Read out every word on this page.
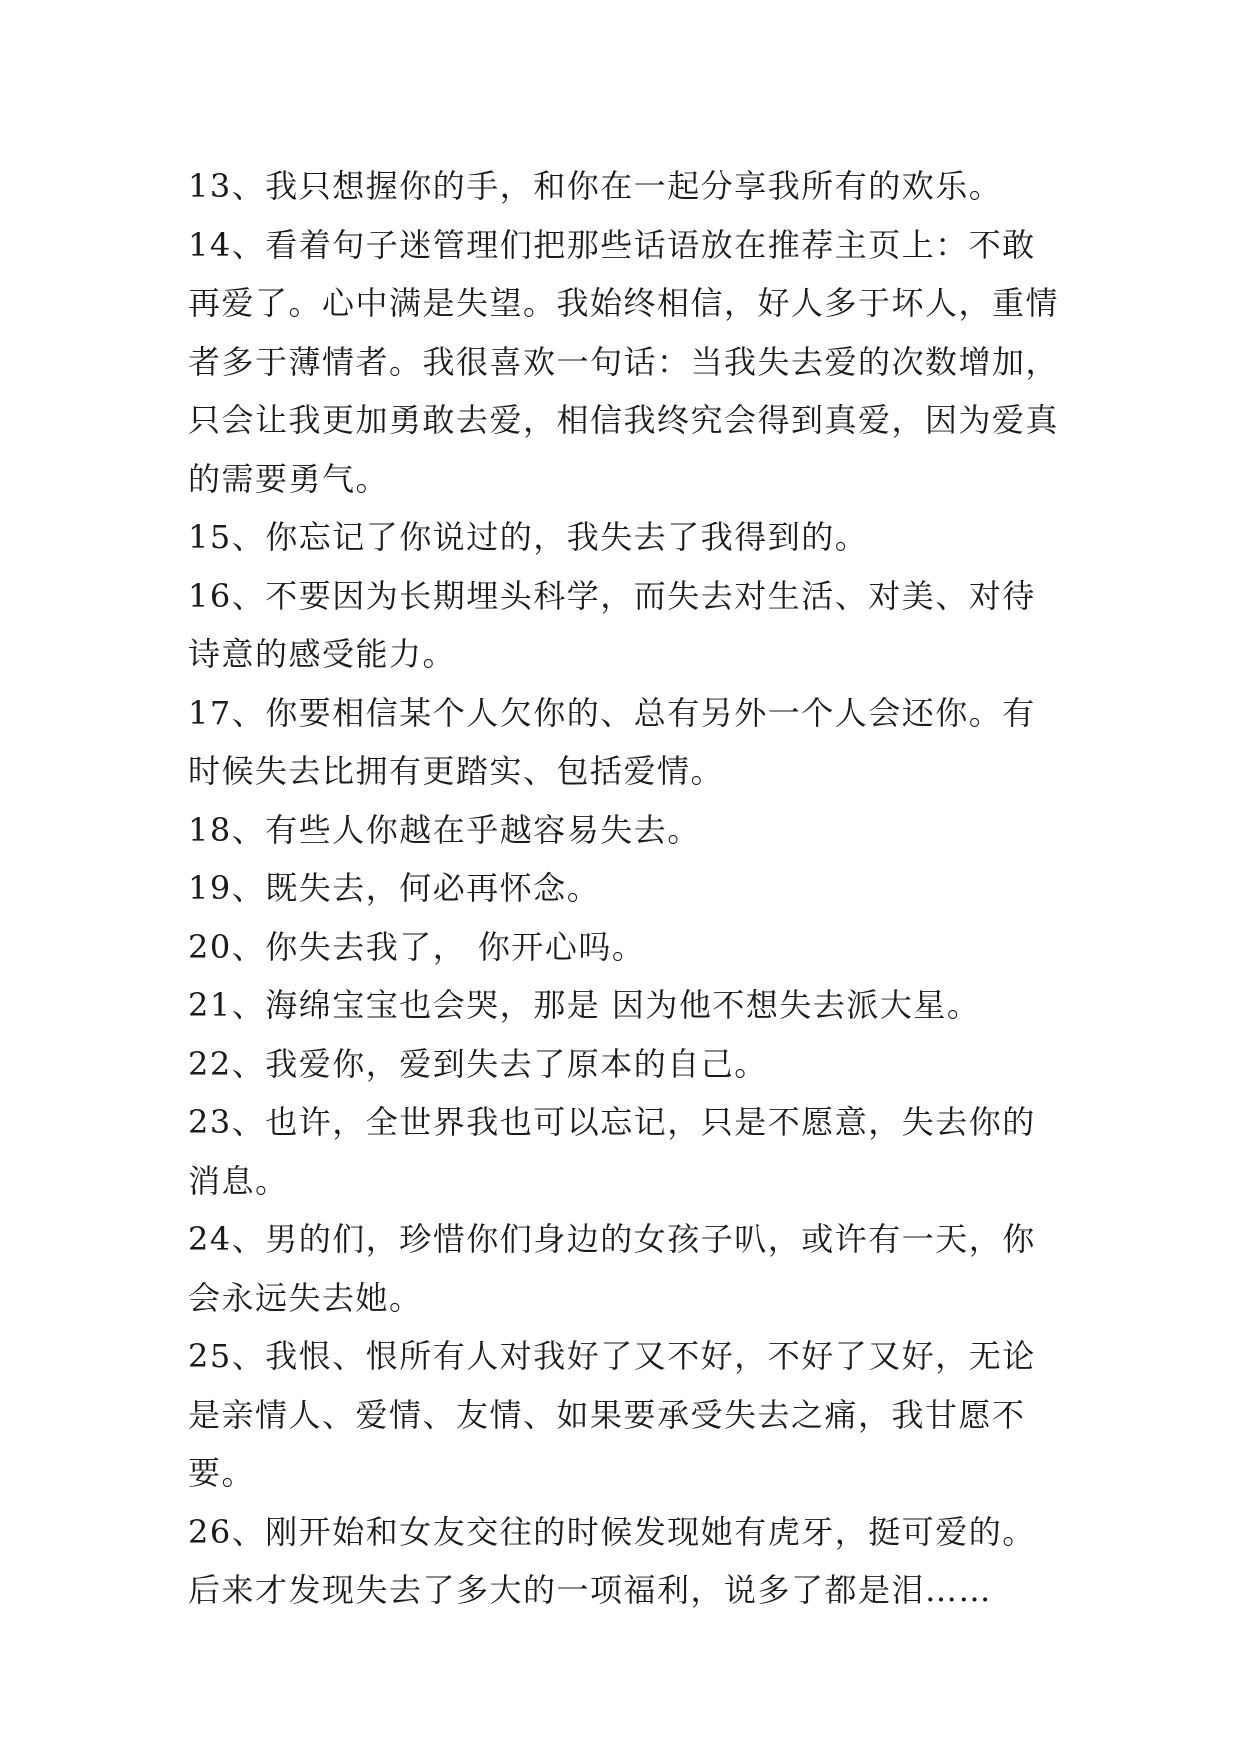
13、我只想握你的手，和你在一起分享我所有的欢乐。

14、看着句子迷管理们把那些话语放在推荐主页上：不敢再爱了。心中满是失望。我始终相信，好人多于坏人，重情者多于薄情者。我很喜欢一句话：当我失去爱的次数增加，只会让我更加勇敢去爱，相信我终究会得到真爱，因为爱真的需要勇气。

15、你忘记了你说过的，我失去了我得到的。

16、不要因为长期埋头科学，而失去对生活、对美、对待诗意的感受能力。

17、你要相信某个人欠你的、总有另外一个人会还你。有时候失去比拥有更踏实、包括爱情。

18、有些人你越在乎越容易失去。

19、既失去，何必再怀念。

20、你失去我了， 你开心吗。

21、海绵宝宝也会哭，那是 因为他不想失去派大星。

22、我爱你，爱到失去了原本的自己。

23、也许，全世界我也可以忘记，只是不愿意，失去你的消息。

24、男的们，珍惜你们身边的女孩子叭，或许有一天，你会永远失去她。

25、我恨、恨所有人对我好了又不好，不好了又好，无论是亲情人、爱情、友情、如果要承受失去之痛，我甘愿不要。

26、刚开始和女友交往的时候发现她有虎牙，挺可爱的。后来才发现失去了多大的一项福利，说多了都是泪……
